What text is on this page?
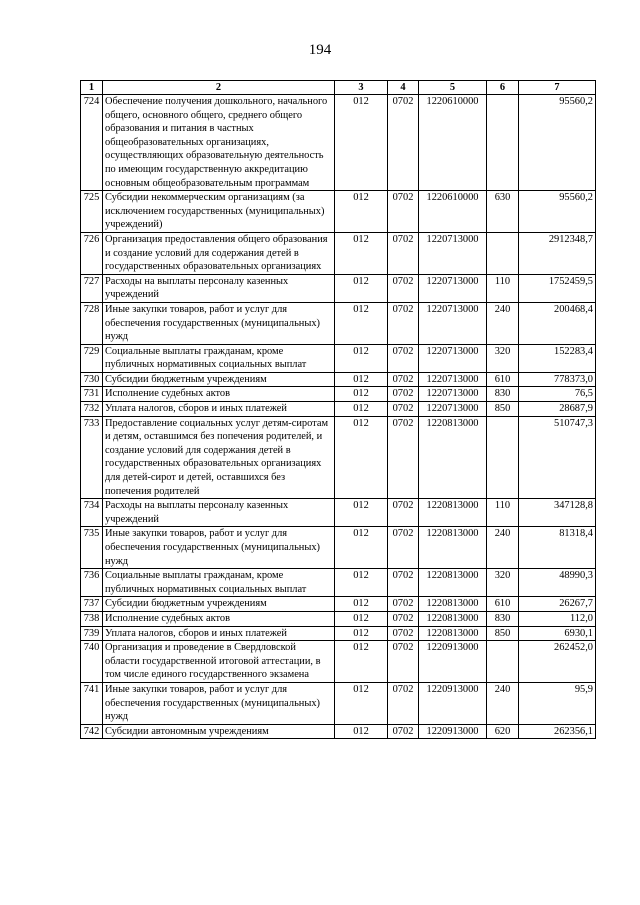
194
1	2	3	4	5	6	7
724	Обеспечение получения дошкольного, начального общего, основного общего, среднего общего образования и питания в частных общеобразовательных организациях, осуществляющих образовательную деятельность по имеющим государственную аккредитацию основным общеобразовательным программам	012	0702	1220610000		95560,2
725	Субсидии некоммерческим организациям (за исключением государственных (муниципальных) учреждений)	012	0702	1220610000	630	95560,2
726	Организация предоставления общего образования и создание условий для содержания детей в государственных образовательных организациях	012	0702	1220713000		2912348,7
727	Расходы на выплаты персоналу казенных учреждений	012	0702	1220713000	110	1752459,5
728	Иные закупки товаров, работ и услуг для обеспечения государственных (муниципальных) нужд	012	0702	1220713000	240	200468,4
729	Социальные выплаты гражданам, кроме публичных нормативных социальных выплат	012	0702	1220713000	320	152283,4
730	Субсидии бюджетным учреждениям	012	0702	1220713000	610	778373,0
731	Исполнение судебных актов	012	0702	1220713000	830	76,5
732	Уплата налогов, сборов и иных платежей	012	0702	1220713000	850	28687,9
733	Предоставление социальных услуг детям-сиротам и детям, оставшимся без попечения родителей, и создание условий для содержания детей в государственных образовательных организациях для детей-сирот и детей, оставшихся без попечения родителей	012	0702	1220813000		510747,3
734	Расходы на выплаты персоналу казенных учреждений	012	0702	1220813000	110	347128,8
735	Иные закупки товаров, работ и услуг для обеспечения государственных (муниципальных) нужд	012	0702	1220813000	240	81318,4
736	Социальные выплаты гражданам, кроме публичных нормативных социальных выплат	012	0702	1220813000	320	48990,3
737	Субсидии бюджетным учреждениям	012	0702	1220813000	610	26267,7
738	Исполнение судебных актов	012	0702	1220813000	830	112,0
739	Уплата налогов, сборов и иных платежей	012	0702	1220813000	850	6930,1
740	Организация и проведение в Свердловской области государственной итоговой аттестации, в том числе единого государственного экзамена	012	0702	1220913000		262452,0
741	Иные закупки товаров, работ и услуг для обеспечения государственных (муниципальных) нужд	012	0702	1220913000	240	95,9
742	Субсидии автономным учреждениям	012	0702	1220913000	620	262356,1
